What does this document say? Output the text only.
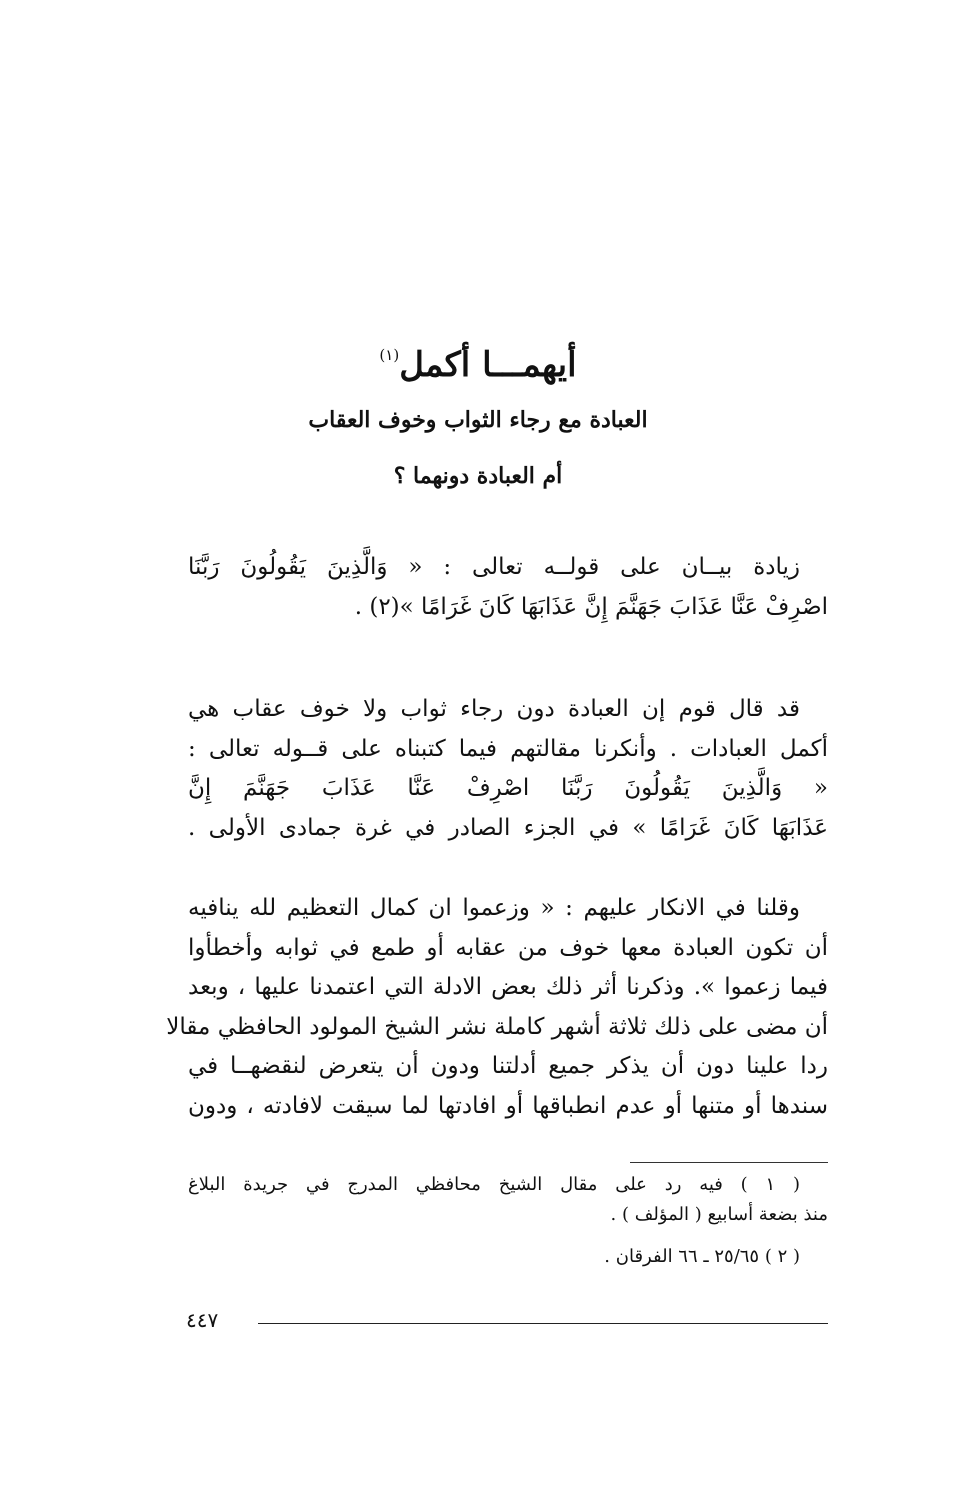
أيهمـــا أكمل$^{(١)}$
العبادة مع رجاء الثواب وخوف العقاب
أم العبادة دونهما ؟
زيادة بيــان على قولــه تعالى : « وَالَّذِينَ يَقُولُونَ رَبَّنَا
اصْرِفْ عَنَّا عَذَابَ جَهَنَّمَ إِنَّ عَذَابَهَا كَانَ غَرَامًا »(٢) .
قد قال قوم إن العبادة دون رجاء ثواب ولا خوف عقاب هي
أكمل العبادات . وأنكرنا مقالتهم فيما كتبناه على قــوله تعالى :
« وَالَّذِينَ يَقُولُونَ رَبَّنَا اصْرِفْ عَنَّا عَذَابَ جَهَنَّمَ إِنَّ
عَذَابَهَا كَانَ غَرَامًا » في الجزء الصادر في غرة جمادى الأولى .
وقلنا في الانكار عليهم : « وزعموا ان كمال التعظيم لله ينافيه
أن تكون العبادة معها خوف من عقابه أو طمع في ثوابه وأخطأوا
فيما زعموا ». وذكرنا أثر ذلك بعض الادلة التي اعتمدنا عليها ، وبعد
أن مضى على ذلك ثلاثة أشهر كاملة نشر الشيخ المولود الحافظي مقالا
ردا علينا دون أن يذكر جميع أدلتنا ودون أن يتعرض لنقضهــا في
سندها أو متنها أو عدم انطباقها أو افادتها لما سيقت لافادته ، ودون
( ١ ) فيه رد على مقال الشيخ محافظي المدرج في جريدة البلاغ
منذ بضعة أسابيع ( المؤلف ) .
( ٢ ) ٢٥/٦٥ ـ ٦٦ الفرقان .
٤٤٧
